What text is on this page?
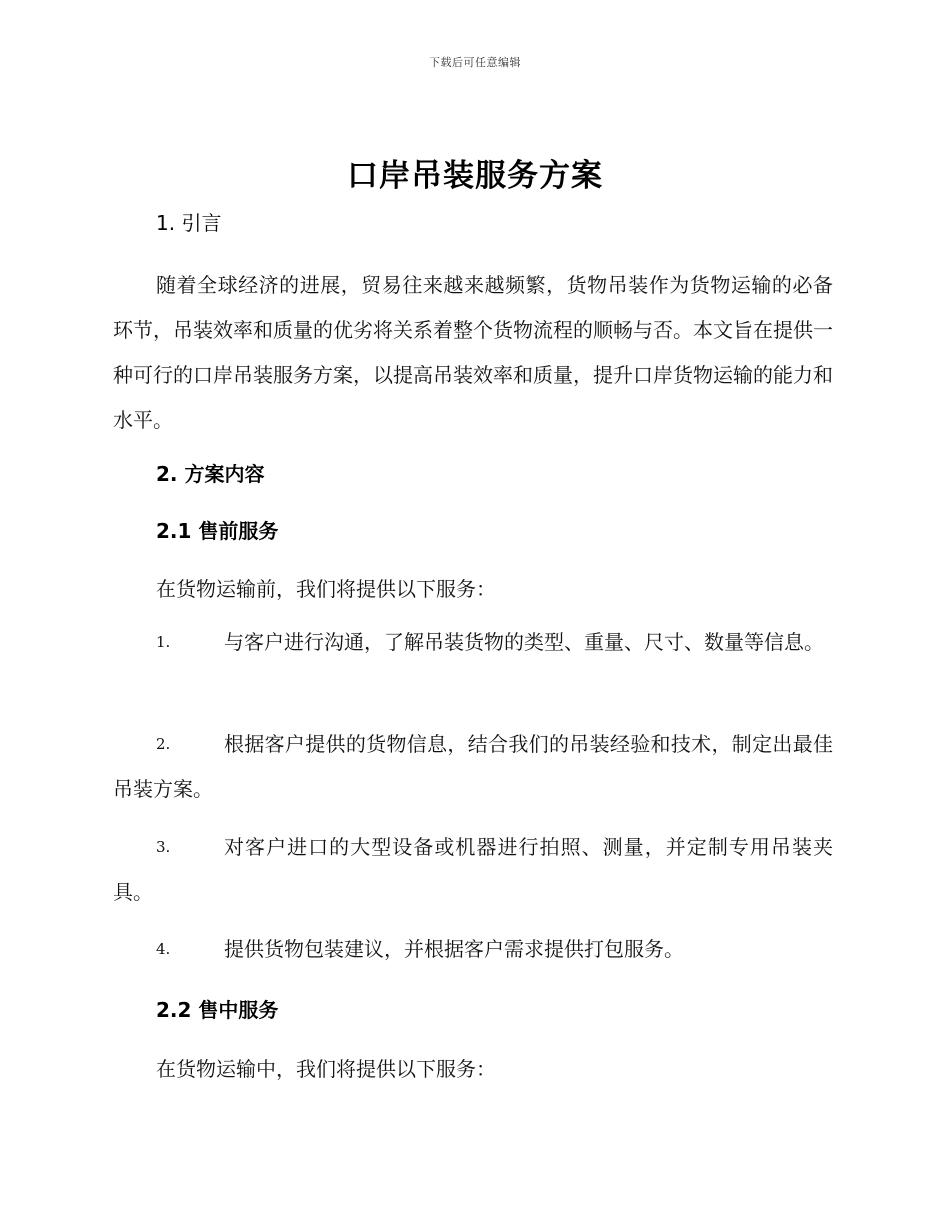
下载后可任意编辑
口岸吊装服务方案
1. 引言
随着全球经济的进展，贸易往来越来越频繁，货物吊装作为货物运输的必备环节，吊装效率和质量的优劣将关系着整个货物流程的顺畅与否。本文旨在提供一种可行的口岸吊装服务方案，以提高吊装效率和质量，提升口岸货物运输的能力和水平。
2. 方案内容
2.1 售前服务
在货物运输前，我们将提供以下服务：
1.	与客户进行沟通，了解吊装货物的类型、重量、尺寸、数量等信息。
2.	根据客户提供的货物信息，结合我们的吊装经验和技术，制定出最佳吊装方案。
3.	对客户进口的大型设备或机器进行拍照、测量，并定制专用吊装夹具。
4.	提供货物包装建议，并根据客户需求提供打包服务。
2.2 售中服务
在货物运输中，我们将提供以下服务：
